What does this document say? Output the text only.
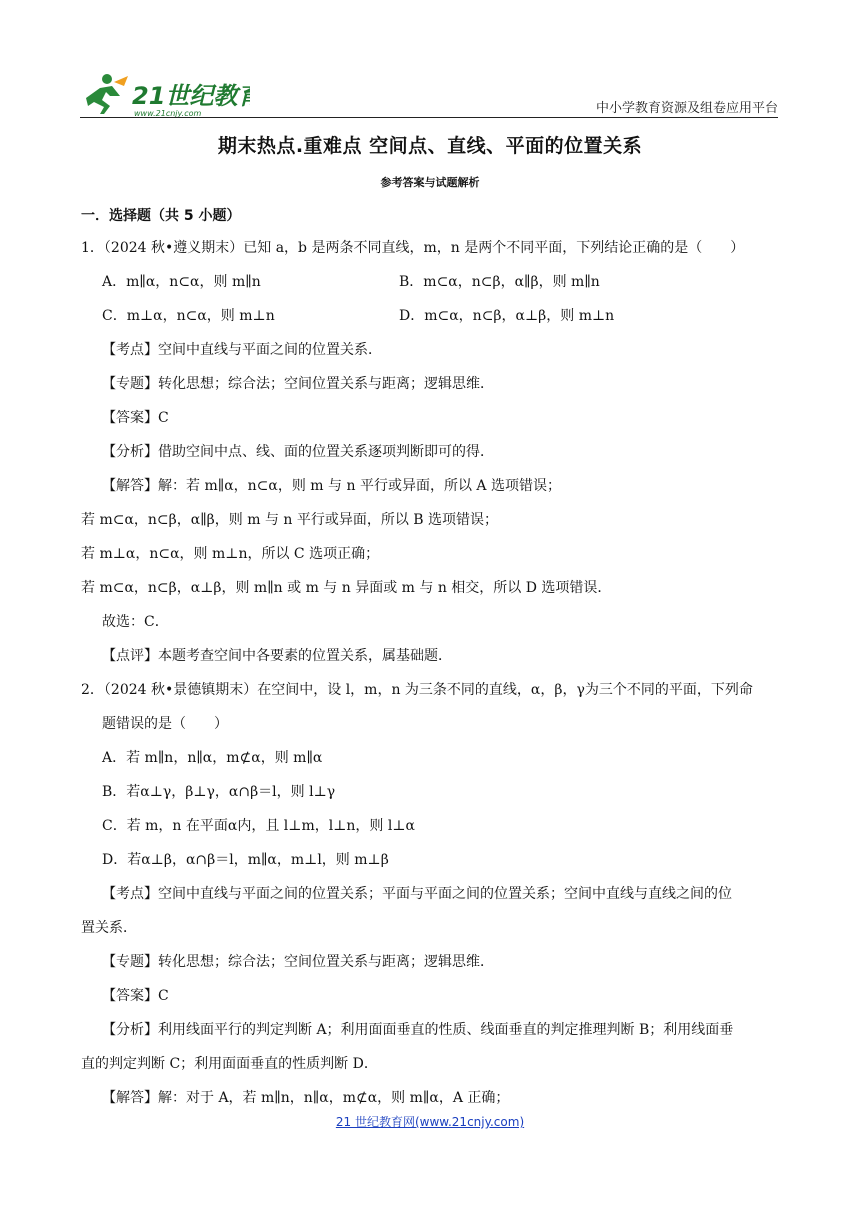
21世纪教育
www.21cnjy.com	中小学教育资源及组卷应用平台
期末热点.重难点 空间点、直线、平面的位置关系
参考答案与试题解析
一．选择题（共 5 小题）
1．（2024 秋•遵义期末）已知 a，b 是两条不同直线，m，n 是两个不同平面，下列结论正确的是（　　）
A．m∥α，n⊂α，则 m∥n	B．m⊂α，n⊂β，α∥β，则 m∥n
C．m⊥α，n⊂α，则 m⊥n	D．m⊂α，n⊂β，α⊥β，则 m⊥n
【考点】空间中直线与平面之间的位置关系．
【专题】转化思想；综合法；空间位置关系与距离；逻辑思维．
【答案】C
【分析】借助空间中点、线、面的位置关系逐项判断即可的得．
【解答】解：若 m∥α，n⊂α，则 m 与 n 平行或异面，所以 A 选项错误；
若 m⊂α，n⊂β，α∥β，则 m 与 n 平行或异面，所以 B 选项错误；
若 m⊥α，n⊂α，则 m⊥n，所以 C 选项正确；
若 m⊂α，n⊂β，α⊥β，则 m∥n 或 m 与 n 异面或 m 与 n 相交，所以 D 选项错误．
故选：C．
【点评】本题考查空间中各要素的位置关系，属基础题．
2．（2024 秋•景德镇期末）在空间中，设 l，m，n 为三条不同的直线，α，β，γ为三个不同的平面，下列命
题错误的是（　　）
A．若 m∥n，n∥α，m⊄α，则 m∥α
B．若α⊥γ，β⊥γ，α∩β＝l，则 l⊥γ
C．若 m，n 在平面α内，且 l⊥m，l⊥n，则 l⊥α
D．若α⊥β，α∩β＝l，m∥α，m⊥l，则 m⊥β
【考点】空间中直线与平面之间的位置关系；平面与平面之间的位置关系；空间中直线与直线之间的位
置关系．
【专题】转化思想；综合法；空间位置关系与距离；逻辑思维．
【答案】C
【分析】利用线面平行的判定判断 A；利用面面垂直的性质、线面垂直的判定推理判断 B；利用线面垂
直的判定判断 C；利用面面垂直的性质判断 D．
【解答】解：对于 A，若 m∥n，n∥α，m⊄α，则 m∥α，A 正确；
21 世纪教育网(www.21cnjy.com)
